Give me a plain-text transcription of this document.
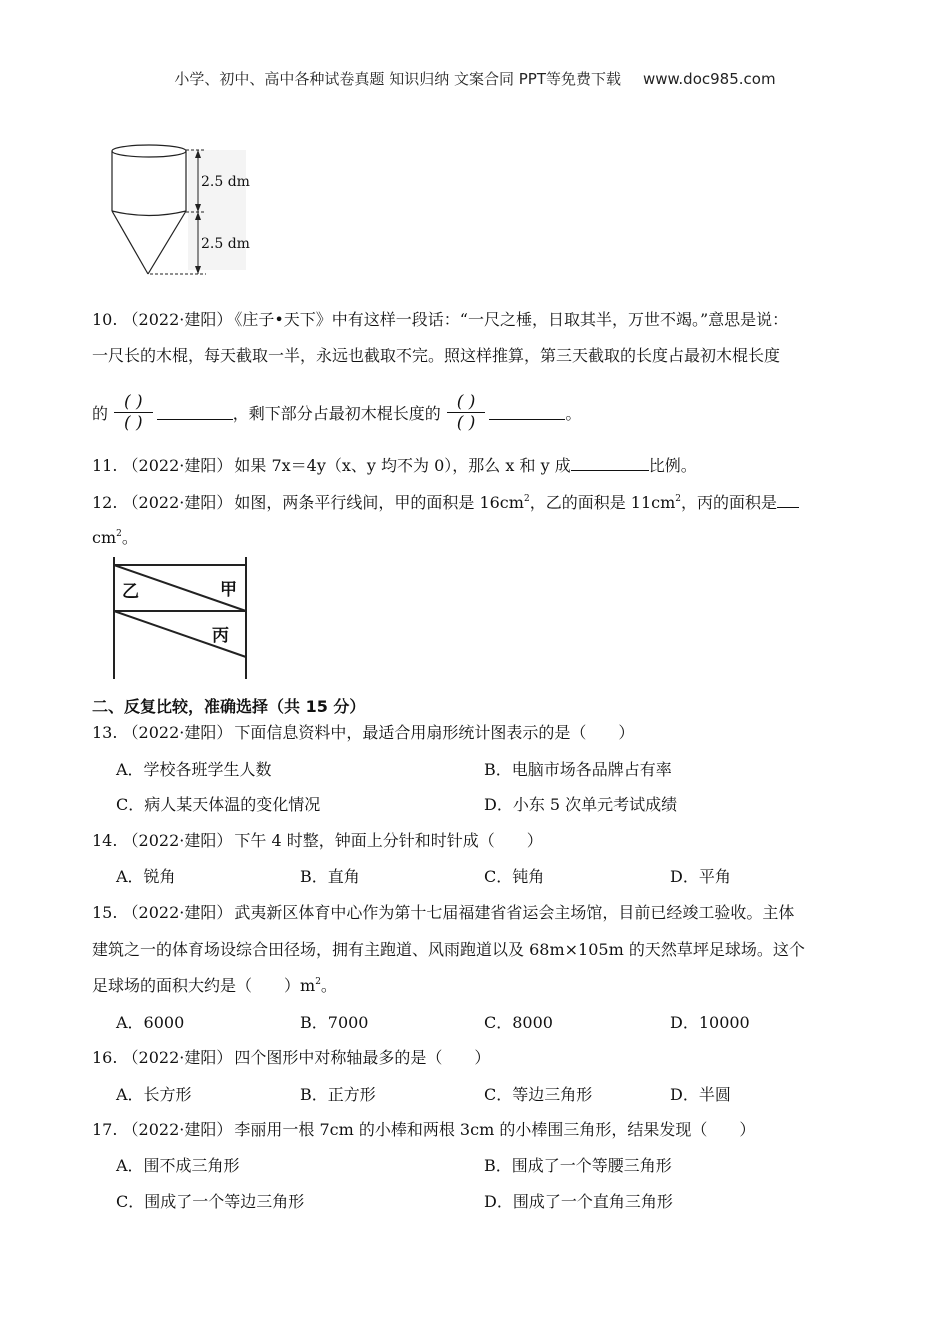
小学、初中、高中各种试卷真题 知识归纳 文案合同 PPT等免费下载 www.doc985.com
2.5 dm
2.5 dm
10. （2022·建阳） 《庄子•天下》中有这样一段话：“一尺之棰，日取其半，万世不竭。”意思是说：
一尺长的木棍，每天截取一半，永远也截取不完。照这样推算，第三天截取的长度占最初木棍长度
的 $\frac{( )}{( )}$	，剩下部分占最初木棍长度的 $\frac{( )}{( )}$	。
11. （2022·建阳） 如果 7x＝4y（x、y 均不为 0），那么 x 和 y 成	比例。
12. （2022·建阳） 如图，两条平行线间，甲的面积是 $16cm^2$，乙的面积是 $11cm^2$，丙的面积是
$cm^2$。
甲
乙
丙
二、反复比较，准确选择（共 15 分）
13. （2022·建阳） 下面信息资料中，最适合用扇形统计图表示的是（　　）
A．学校各班学生人数	B．电脑市场各品牌占有率
C．病人某天体温的变化情况	D．小东 5 次单元考试成绩
14. （2022·建阳） 下午 4 时整，钟面上分针和时针成（　　）
A．锐角	B．直角	C．钝角	D．平角
15. （2022·建阳） 武夷新区体育中心作为第十七届福建省省运会主场馆，目前已经竣工验收。主体
建筑之一的体育场设综合田径场，拥有主跑道、风雨跑道以及 68m×105m 的天然草坪足球场。这个
足球场的面积大约是（　　）$m^2$。
A．6000	B．7000	C．8000	D．10000
16. （2022·建阳） 四个图形中对称轴最多的是（　　）
A．长方形	B．正方形	C．等边三角形	D．半圆
17. （2022·建阳） 李丽用一根 7cm 的小棒和两根 3cm 的小棒围三角形，结果发现（　　）
A．围不成三角形	B．围成了一个等腰三角形
C．围成了一个等边三角形	D．围成了一个直角三角形
